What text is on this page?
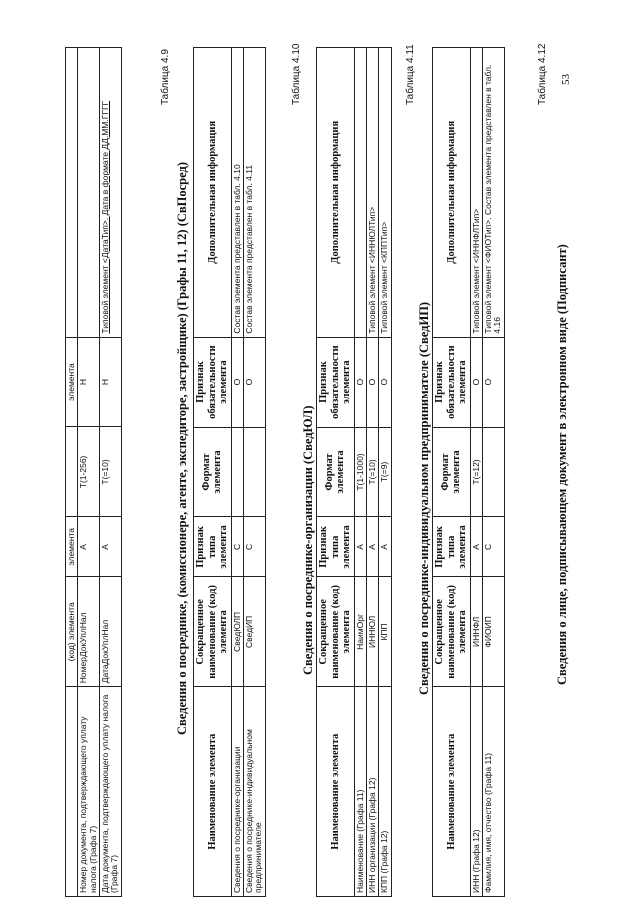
53
	(код) элемента	элемента		элемента	
Номер документа, подтверждающего уплату налога (Графа 7)	НомерДокУплНал	А	Т(1-256)	Н	
Дата документа, подтверждающего уплату налога (Графа 7)	ДатаДокУплНал	А	Т(=10)	Н	Типовой элемент <ДатаТип>. Дата в формате ДД.ММ.ГГГГ
Таблица 4.9
Сведения о посреднике, (комиссионере, агенте, экспедиторе, застройщике) (Графы 11, 12) (СвПосред)
Наименование элемента	Сокращенное наименование (код) элемента	Признак типа элемента	Формат элемента	Признак обязательности элемента	Дополнительная информация
Сведения о посреднике-организации	СведЮЛП	С		О	Состав элемента представлен в табл. 4.10
Сведения о посреднике-индивидуальном предпринимателе	СведИП	С		О	Состав элемента представлен в табл. 4.11
Таблица 4.10
Сведения о посреднике-организации (СведЮЛ)
Наименование элемента	Сокращенное наименование (код) элемента	Признак типа элемента	Формат элемента	Признак обязательности элемента	Дополнительная информация
Наименование (Графа 11)	НаимОрг	А	Т(1-1000)	О	
ИНН организации (Графа 12)	ИННЮЛ	А	Т(=10)	О	Типовой элемент <ИННЮЛТип>
КПП (Графа 12)	КПП	А	Т(=9)	О	Типовой элемент <КППТип>
Таблица 4.11
Сведения о посреднике-индивидуальном предпринимателе (СведИП)
Наименование элемента	Сокращенное наименование (код) элемента	Признак типа элемента	Формат элемента	Признак обязательности элемента	Дополнительная информация
ИНН (Графа 12)	ИННФЛ	А	Т(=12)	О	Типовой элемент <ИННФЛТип>
Фамилия, имя, отчество (Графа 11)	ФИОИП	С		О	Типовой элемент <ФИОТип>. Состав элемента представлен в табл. 4.16
Таблица 4.12
Сведения о лице, подписывающем документ в электронном виде (Подписант)
